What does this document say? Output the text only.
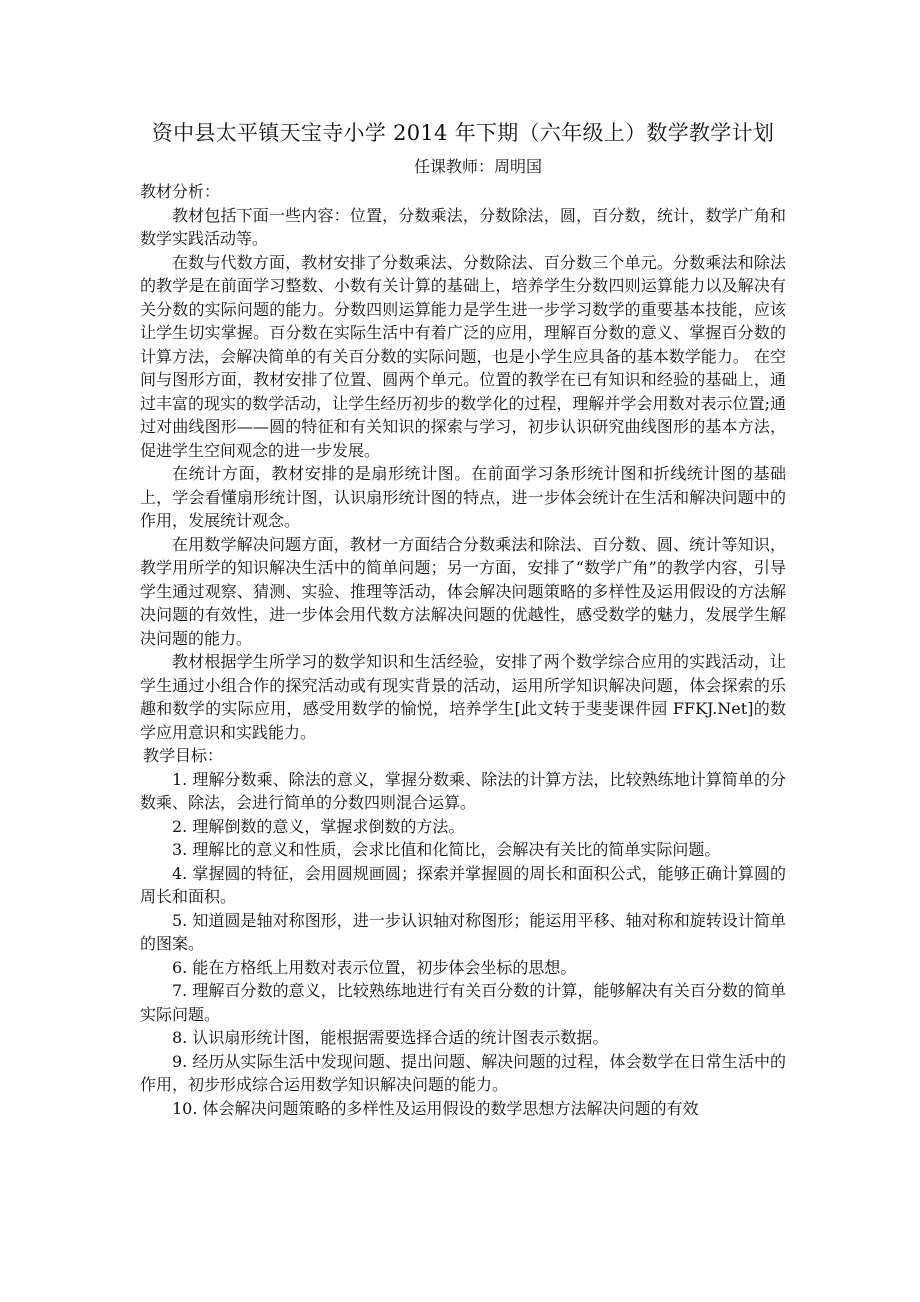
资中县太平镇天宝寺小学 2014 年下期（六年级上）数学教学计划
任课教师：周明国
教材分析：

教材包括下面一些内容：位置，分数乘法，分数除法，圆，百分数，统计，数学广角和数学实践活动等。

在数与代数方面，教材安排了分数乘法、分数除法、百分数三个单元。分数乘法和除法的教学是在前面学习整数、小数有关计算的基础上，培养学生分数四则运算能力以及解决有关分数的实际问题的能力。分数四则运算能力是学生进一步学习数学的重要基本技能，应该让学生切实掌握。百分数在实际生活中有着广泛的应用，理解百分数的意义、掌握百分数的计算方法，会解决简单的有关百分数的实际问题，也是小学生应具备的基本数学能力。 在空间与图形方面，教材安排了位置、圆两个单元。位置的教学在已有知识和经验的基础上，通过丰富的现实的数学活动，让学生经历初步的数学化的过程，理解并学会用数对表示位置;通过对曲线图形——圆的特征和有关知识的探索与学习，初步认识研究曲线图形的基本方法，促进学生空间观念的进一步发展。

在统计方面，教材安排的是扇形统计图。在前面学习条形统计图和折线统计图的基础上，学会看懂扇形统计图，认识扇形统计图的特点，进一步体会统计在生活和解决问题中的作用，发展统计观念。

在用数学解决问题方面，教材一方面结合分数乘法和除法、百分数、圆、统计等知识，教学用所学的知识解决生活中的简单问题；另一方面，安排了“数学广角”的教学内容，引导学生通过观察、猜测、实验、推理等活动，体会解决问题策略的多样性及运用假设的方法解决问题的有效性，进一步体会用代数方法解决问题的优越性，感受数学的魅力，发展学生解决问题的能力。

教材根据学生所学习的数学知识和生活经验，安排了两个数学综合应用的实践活动，让学生通过小组合作的探究活动或有现实背景的活动，运用所学知识解决问题，体会探索的乐趣和数学的实际应用，感受用数学的愉悦，培养学生[此文转于斐斐课件园 FFKJ.Net]的数学应用意识和实践能力。

教学目标：

1. 理解分数乘、除法的意义，掌握分数乘、除法的计算方法，比较熟练地计算简单的分数乘、除法，会进行简单的分数四则混合运算。

2. 理解倒数的意义，掌握求倒数的方法。

3. 理解比的意义和性质，会求比值和化简比，会解决有关比的简单实际问题。

4. 掌握圆的特征，会用圆规画圆；探索并掌握圆的周长和面积公式，能够正确计算圆的周长和面积。

5. 知道圆是轴对称图形，进一步认识轴对称图形；能运用平移、轴对称和旋转设计简单的图案。

6. 能在方格纸上用数对表示位置，初步体会坐标的思想。

7. 理解百分数的意义，比较熟练地进行有关百分数的计算，能够解决有关百分数的简单实际问题。

8. 认识扇形统计图，能根据需要选择合适的统计图表示数据。

9. 经历从实际生活中发现问题、提出问题、解决问题的过程，体会数学在日常生活中的作用，初步形成综合运用数学知识解决问题的能力。

10. 体会解决问题策略的多样性及运用假设的数学思想方法解决问题的有效
